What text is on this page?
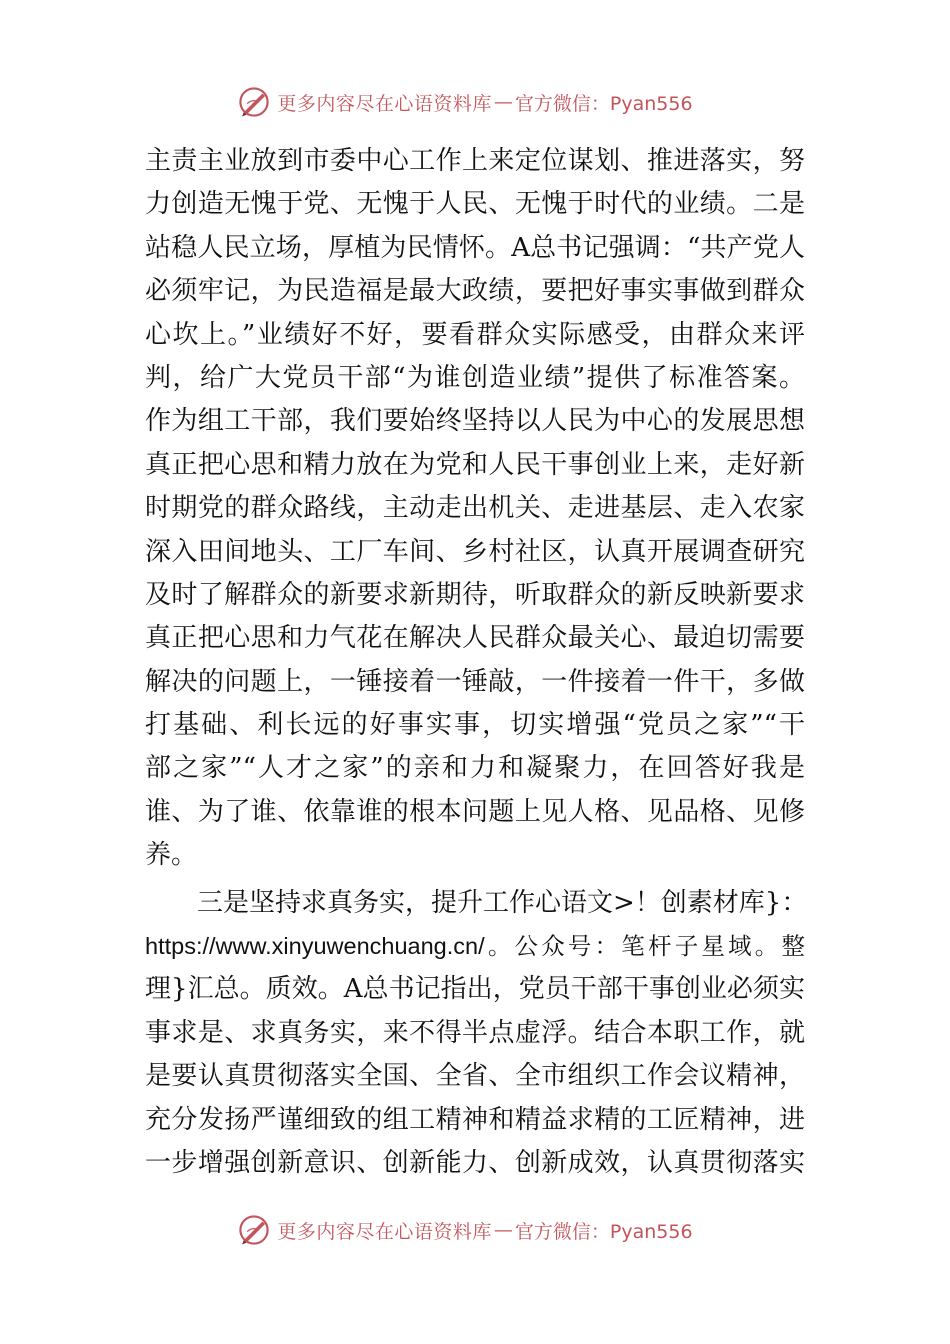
更多内容尽在心语资料库 — 官方微信：Pyan556
主责主业放到市委中心工作上来定位谋划、推进落实，努
力创造无愧于党、无愧于人民、无愧于时代的业绩。二是
站稳人民立场，厚植为民情怀。A总书记强调：“共产党人
必须牢记，为民造福是最大政绩，要把好事实事做到群众
心坎上。”业绩好不好，要看群众实际感受，由群众来评
判，给广大党员干部“为谁创造业绩”提供了标准答案。
作为组工干部，我们要始终坚持以人民为中心的发展思想
真正把心思和精力放在为党和人民干事创业上来，走好新
时期党的群众路线，主动走出机关、走进基层、走入农家
深入田间地头、工厂车间、乡村社区，认真开展调查研究
及时了解群众的新要求新期待，听取群众的新反映新要求
真正把心思和力气花在解决人民群众最关心、最迫切需要
解决的问题上，一锤接着一锤敲，一件接着一件干，多做
打基础、利长远的好事实事，切实增强“党员之家”“干
部之家”“人才之家”的亲和力和凝聚力，在回答好我是
谁、为了谁、依靠谁的根本问题上见人格、见品格、见修
养。
三是坚持求真务实，提升工作心语文>！创素材库}：
https://www.xinyuwenchuang.cn/。公众号：笔杆子星域。整
理}汇总。质效。A总书记指出，党员干部干事创业必须实
事求是、求真务实，来不得半点虚浮。结合本职工作，就
是要认真贯彻落实全国、全省、全市组织工作会议精神，
充分发扬严谨细致的组工精神和精益求精的工匠精神，进
一步增强创新意识、创新能力、创新成效，认真贯彻落实
更多内容尽在心语资料库 — 官方微信：Pyan556
